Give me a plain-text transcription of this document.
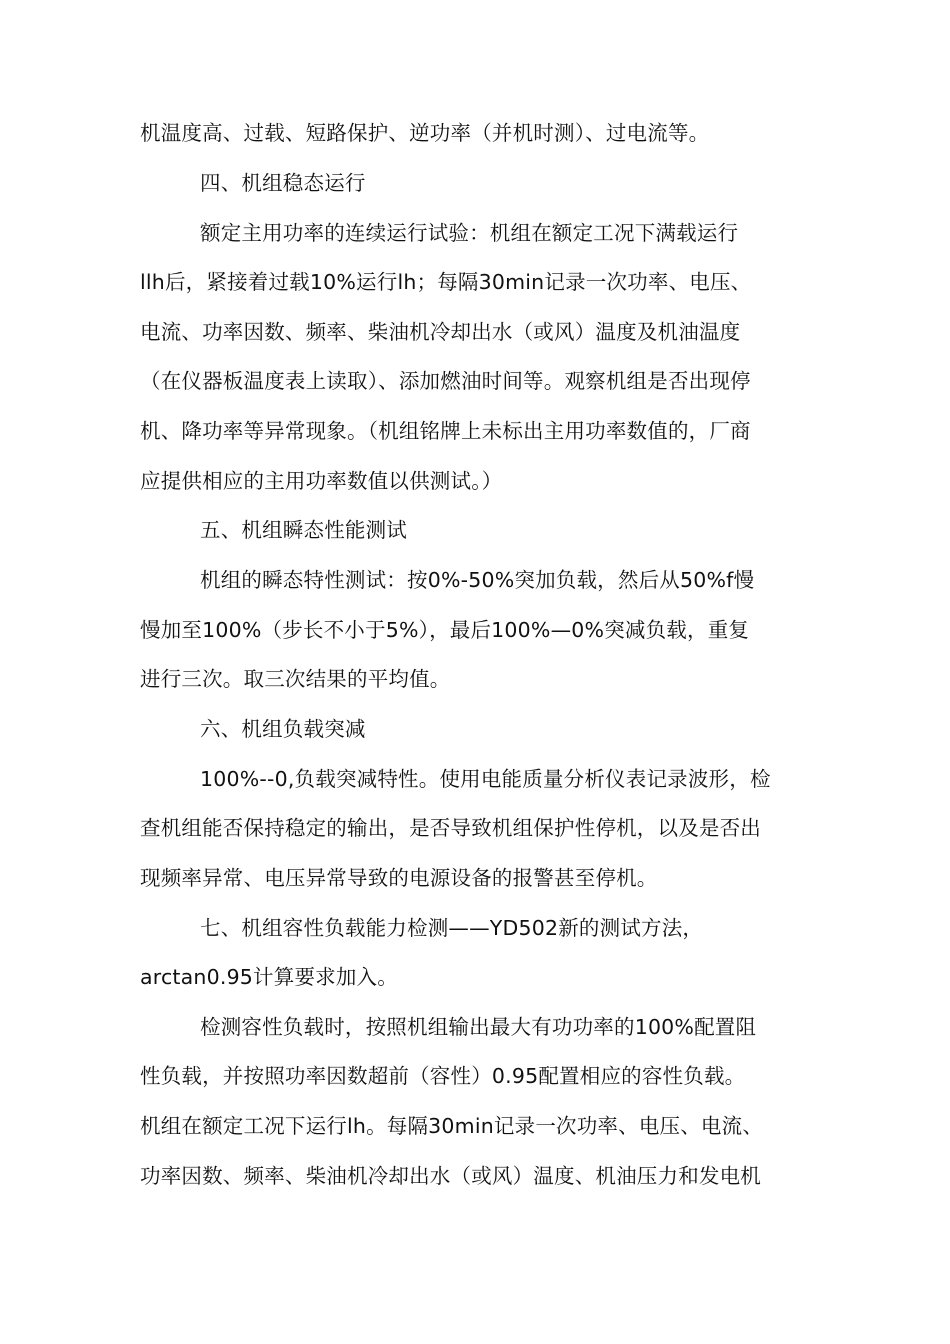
机温度高、过载、短路保护、逆功率（并机时测）、过电流等。
四、机组稳态运行
额定主用功率的连续运行试验：机组在额定工况下满载运行
llh后，紧接着过载10%运行lh；每隔30min记录一次功率、电压、
电流、功率因数、频率、柴油机冷却出水（或风）温度及机油温度
（在仪器板温度表上读取）、添加燃油时间等。观察机组是否出现停
机、降功率等异常现象。（机组铭牌上未标出主用功率数值的，厂商
应提供相应的主用功率数值以供测试。）
五、机组瞬态性能测试
机组的瞬态特性测试：按0%-50%突加负载，然后从50%f慢
慢加至100%（步长不小于5%），最后100%—0%突减负载，重复
进行三次。取三次结果的平均值。
六、机组负载突减
100%--0,负载突减特性。使用电能质量分析仪表记录波形，检
查机组能否保持稳定的输出，是否导致机组保护性停机，以及是否出
现频率异常、电压异常导致的电源设备的报警甚至停机。
七、机组容性负载能力检测——YD502新的测试方法，
arctan0.95计算要求加入。
检测容性负载时，按照机组输出最大有功功率的100%配置阻
性负载，并按照功率因数超前（容性）0.95配置相应的容性负载。
机组在额定工况下运行lh。每隔30min记录一次功率、电压、电流、
功率因数、频率、柴油机冷却出水（或风）温度、机油压力和发电机
